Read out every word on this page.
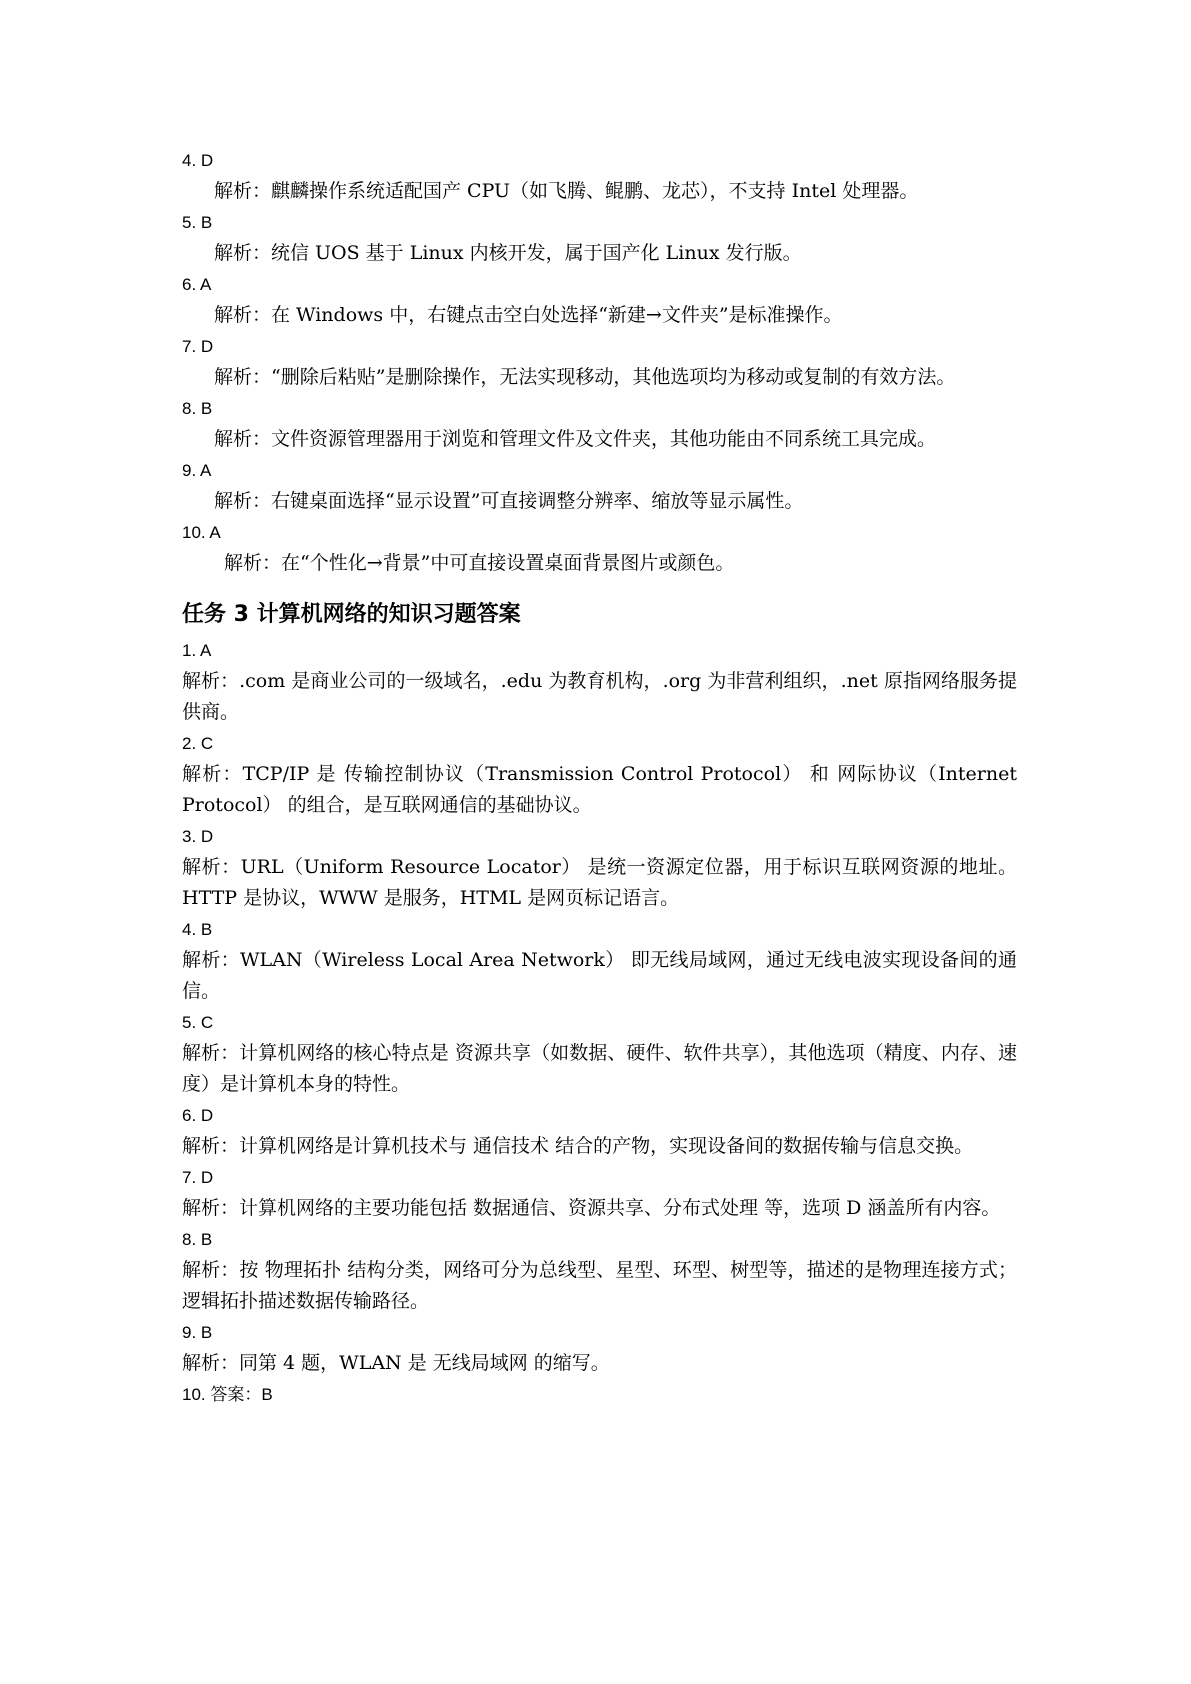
4. D
解析：麒麟操作系统适配国产 CPU（如飞腾、鲲鹏、龙芯），不支持 Intel 处理器。
5. B
解析：统信 UOS 基于 Linux 内核开发，属于国产化 Linux 发行版。
6. A
解析：在 Windows 中，右键点击空白处选择“新建→文件夹”是标准操作。
7. D
解析：“删除后粘贴”是删除操作，无法实现移动，其他选项均为移动或复制的有效方法。
8. B
解析：文件资源管理器用于浏览和管理文件及文件夹，其他功能由不同系统工具完成。
9. A
解析：右键桌面选择“显示设置”可直接调整分辨率、缩放等显示属性。
10. A
解析：在“个性化→背景”中可直接设置桌面背景图片或颜色。
任务 3 计算机网络的知识习题答案
1. A
解析：.com 是商业公司的一级域名，.edu 为教育机构，.org 为非营利组织，.net 原指网络服务提供商。
2. C
解析：TCP/IP 是 传输控制协议（Transmission Control Protocol） 和 网际协议（Internet Protocol） 的组合，是互联网通信的基础协议。
3. D
解析：URL（Uniform Resource Locator） 是统一资源定位器，用于标识互联网资源的地址。HTTP 是协议，WWW 是服务，HTML 是网页标记语言。
4. B
解析：WLAN（Wireless Local Area Network） 即无线局域网，通过无线电波实现设备间的通信。
5. C
解析：计算机网络的核心特点是 资源共享（如数据、硬件、软件共享），其他选项（精度、内存、速度）是计算机本身的特性。
6. D
解析：计算机网络是计算机技术与 通信技术 结合的产物，实现设备间的数据传输与信息交换。
7. D
解析：计算机网络的主要功能包括 数据通信、资源共享、分布式处理 等，选项 D 涵盖所有内容。
8. B
解析：按 物理拓扑 结构分类，网络可分为总线型、星型、环型、树型等，描述的是物理连接方式；逻辑拓扑描述数据传输路径。
9. B
解析：同第 4 题，WLAN 是 无线局域网 的缩写。
10. 答案：B
